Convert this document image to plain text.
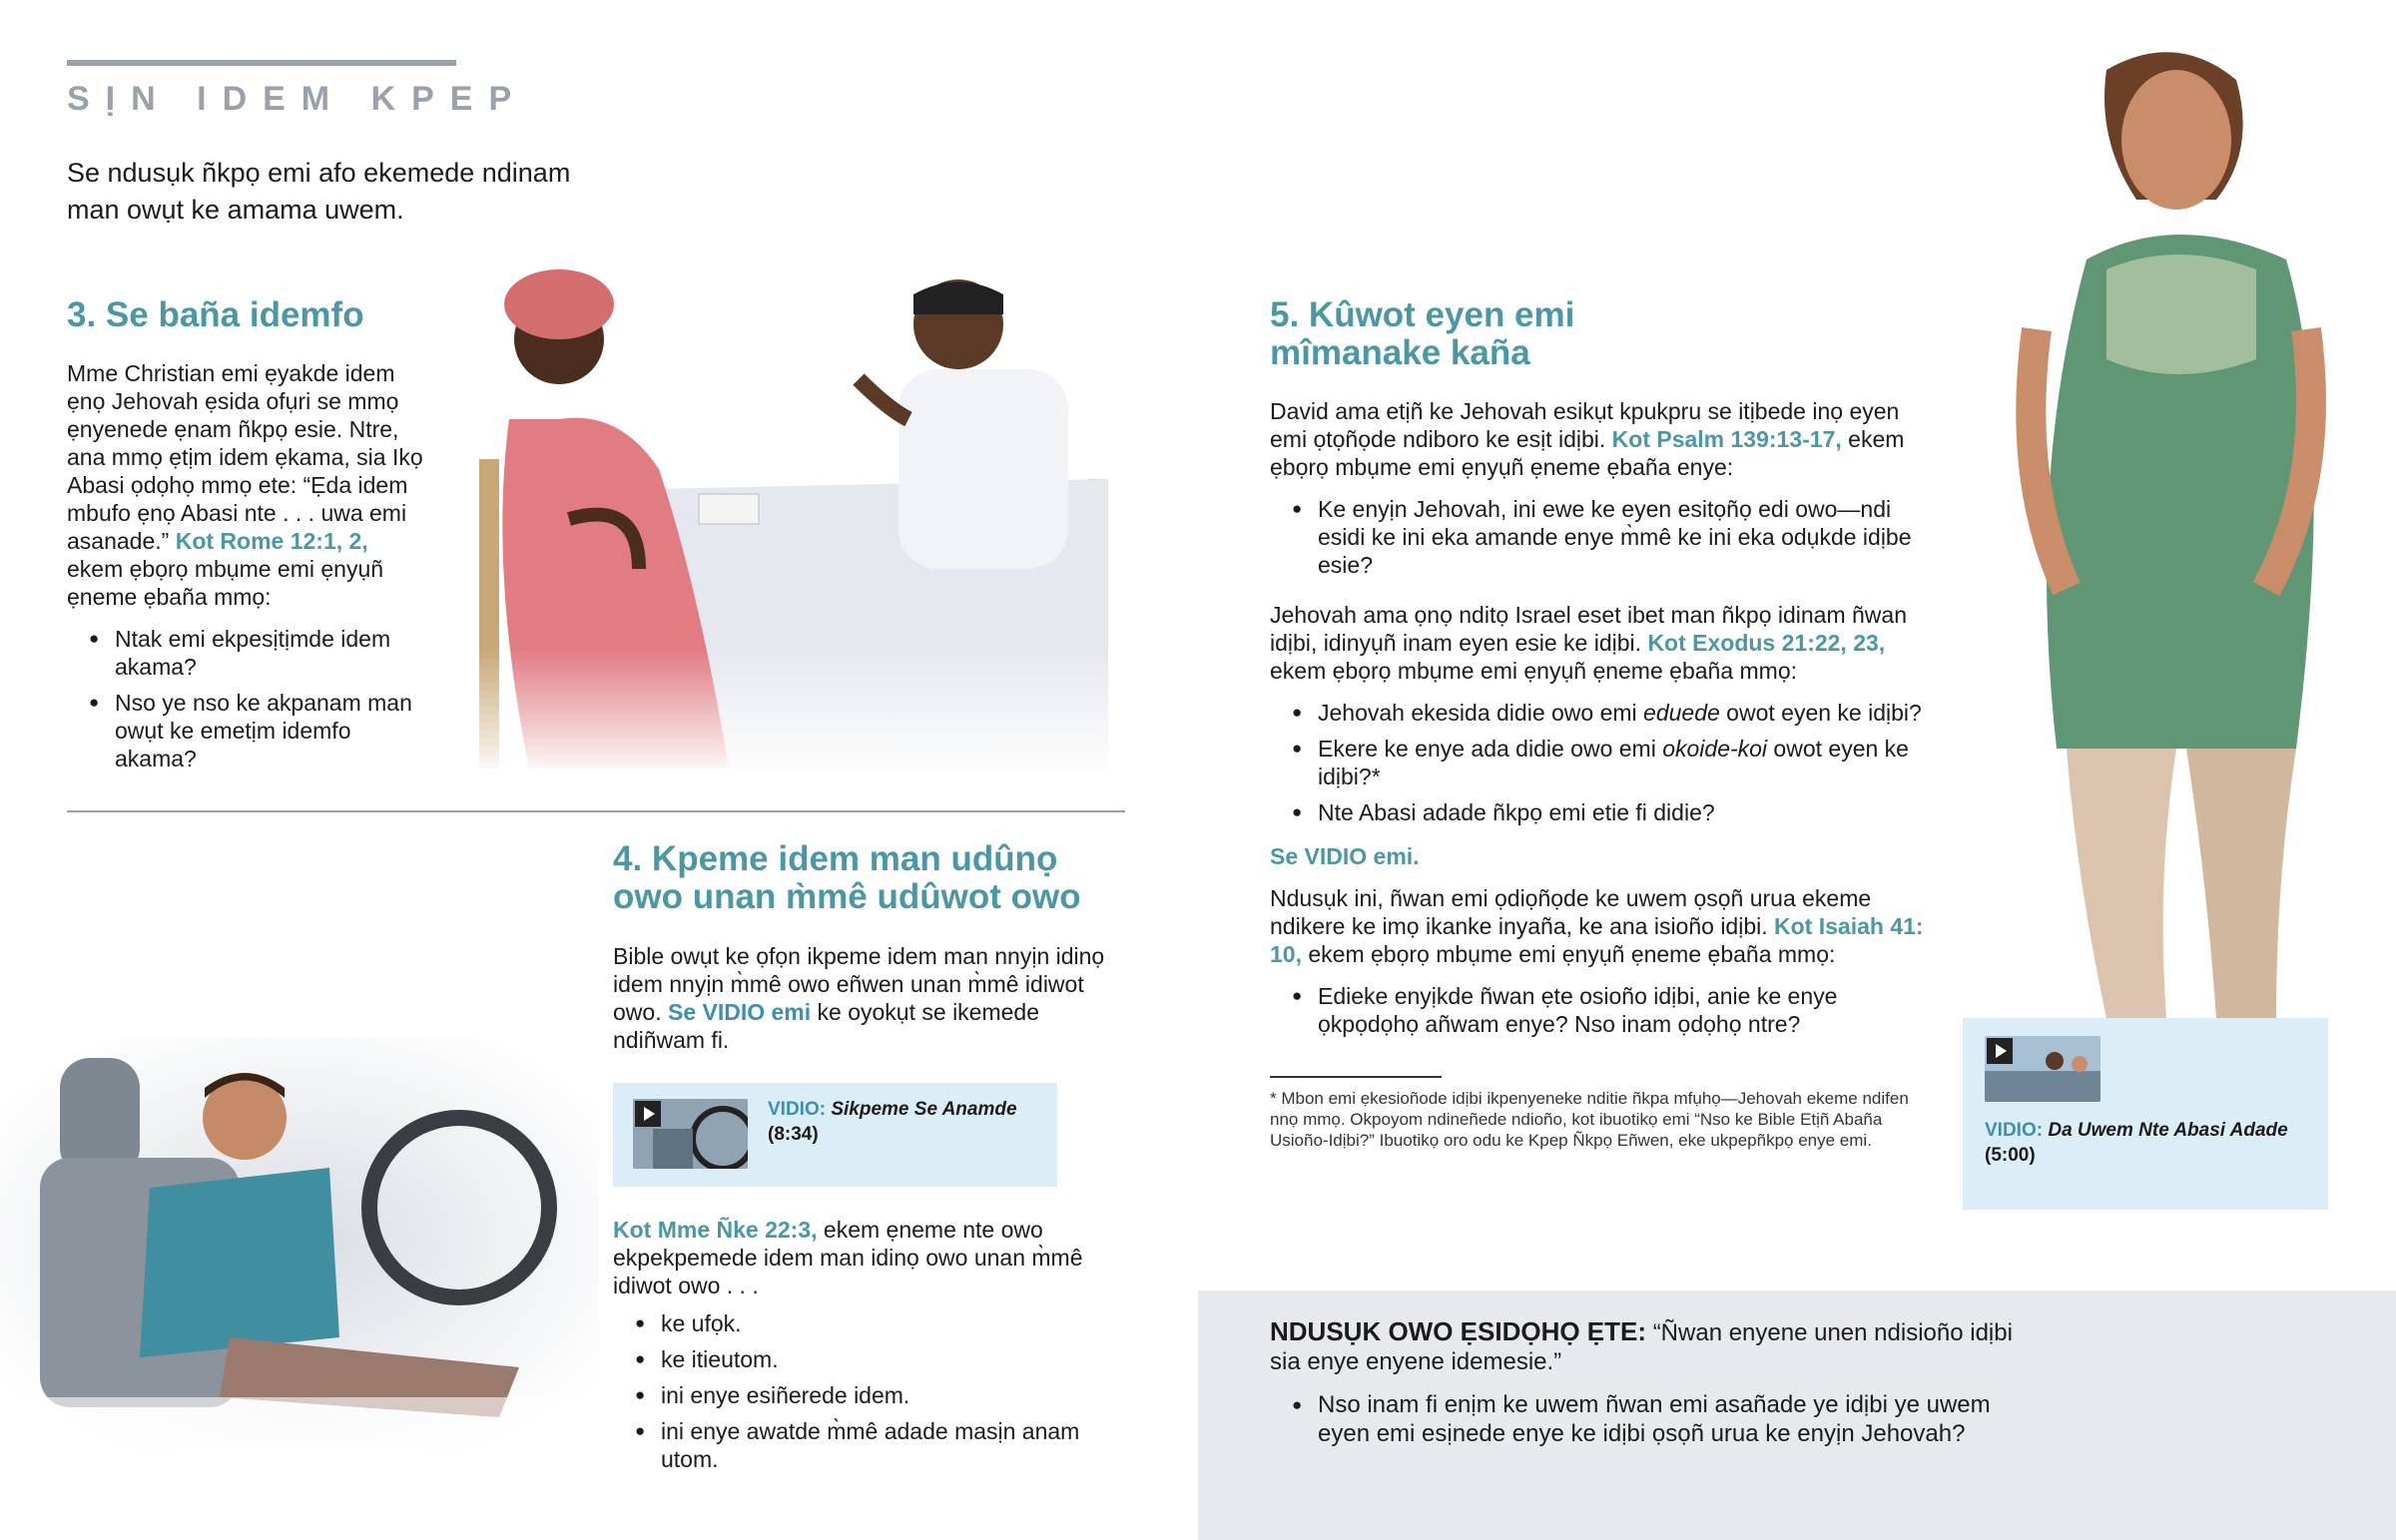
SỊN IDEM KPEP
Se ndusụk ñkpọ emi afo ekemede ndinam man owụt ke amama uwem.
3. Se baña idemfo
Mme Christian emi ẹyakde idem ẹnọ Jehovah ẹsida ofụri se mmọ ẹnyenede ẹnam ñkpọ esie. Ntre, ana mmọ ẹtịm idem ẹkama, sia Ikọ Abasi ọdọhọ mmọ ete: “Ẹda idem mbufo ẹnọ Abasi nte . . . uwa emi asanade.” Kot Rome 12:1, 2, ekem ẹbọrọ mbụme emi ẹnyụñ ẹneme ẹbaña mmọ:
● Ntak emi ekpesịtịmde idem akama?
● Nso ye nso ke akpanam man owụt ke emetịm idemfo akama?
4. Kpeme idem man udûnọ owo unan m̀mê udûwot owo
Bible owụt ke ọfọn ikpeme idem man nnyịn idinọ idem nnyịn m̀mê owo eñwen unan m̀mê idiwot owo. Se VIDIO emi ke oyokụt se ikemede ndiñwam fi.
VIDIO: Sikpeme Se Anamde
(8:34)
Kot Mme Ñke 22:3, ekem ẹneme nte owo ekpekpemede idem man idinọ owo unan m̀mê idiwot owo . . .
● ke ufọk.
● ke itieutom.
● ini enye esiñerede idem.
● ini enye awatde m̀mê adade masịn anam utom.
5. Kûwot eyen emi
mîmanake kaña
David ama etịñ ke Jehovah esikụt kpukpru se itịbede inọ eyen emi ọtọñọde ndiboro ke esịt idịbi. Kot Psalm 139:13-17, ekem ẹbọrọ mbụme emi ẹnyụñ ẹneme ẹbaña enye:
● Ke enyịn Jehovah, ini ewe ke eyen esitọñọ edi owo—ndi esidi ke ini eka amande enye m̀mê ke ini eka odụkde idịbe esie?
Jehovah ama ọnọ nditọ Israel eset ibet man ñkpọ idinam ñwan idịbi, idinyụñ inam eyen esie ke idịbi. Kot Exodus 21:22, 23, ekem ẹbọrọ mbụme emi ẹnyụñ ẹneme ẹbaña mmọ:
● Jehovah ekesida didie owo emi eduede owot eyen ke idịbi?
● Ekere ke enye ada didie owo emi okoide-koi owot eyen ke idịbi?*
● Nte Abasi adade ñkpọ emi etie fi didie?
Se VIDIO emi.
Ndusụk ini, ñwan emi ọdiọñọde ke uwem ọsọñ urua ekeme ndikere ke imọ ikanke inyaña, ke ana isioño idịbi. Kot Isaiah 41: 10, ekem ẹbọrọ mbụme emi ẹnyụñ ẹneme ẹbaña mmọ:
● Edieke enyịkde ñwan ẹte osioño idịbi, anie ke enye ọkpọdọhọ añwam enye? Nso inam ọdọhọ ntre?
* Mbon emi ẹkesioñode idịbi ikpenyeneke nditie ñkpa mfụhọ—Jehovah ekeme ndifen nnọ mmọ. Okpoyom ndineñede ndioño, kot ibuotikọ emi “Nso ke Bible Etịñ Abaña Usioño-Idịbi?” Ibuotikọ oro odu ke Kpep Ñkpọ Eñwen, eke ukpepñkpọ enye emi.	VIDIO: Da Uwem Nte Abasi Adade
(5:00)
NDUSỤK OWO ẸSIDỌHỌ ẸTE: “Ñwan enyene unen ndisioño idịbi sia enye enyene idemesie.”
● Nso inam fi enịm ke uwem ñwan emi asañade ye idịbi ye uwem eyen emi esịnede enye ke idịbi ọsọñ urua ke enyịn Jehovah?
